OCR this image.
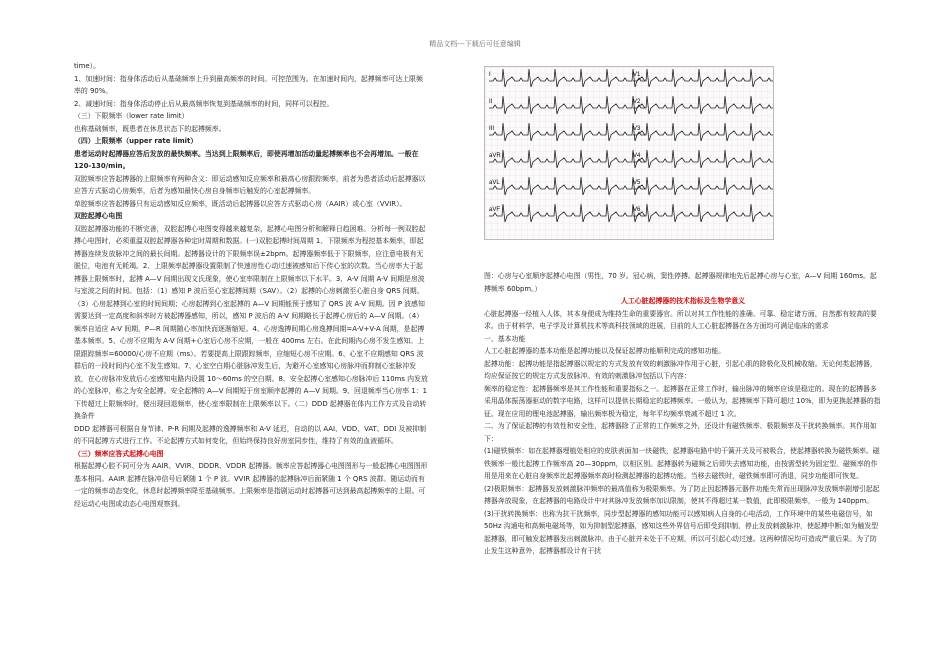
精品文档---下载后可任意编辑

time）。

1、加速时间：指身体活动后从基础频率上升到最高频率的时间。可控范围为。在加速时间内，起搏频率可达上限频率的 90%。

2、减速时间：指身体活动停止后从最高频率恢复到基础频率的时间，同样可以程控。

（三）下限频率（lower rate limit）

也称基础频率，既患者在休息状态下的起搏频率。

（四）上限频率（upper rate limit）

患者运动时起搏器应答后发放的最快频率。当达到上限频率后，即使再增加活动量起搏频率也不会再增加。一般在 120-130/min。

双腔频率应答起搏器的上限频率有两种含义：即运动感知反应频率和最高心房跟踪频率，前者为患者活动后起搏器以应答方式驱动心房频率，后者为感知最快心房自身频率后触发的心室起搏频率。

单腔频率应答起搏器只有运动感知反应频率，既活动后起搏器以应答方式驱动心房（AAIR）或心室（VVIR）。

双腔起搏心电图

双腔起搏器功能的不断完善，双腔起搏心电图变得越来越复杂，起搏心电图分析和解释日趋困难。分析每一例双腔起搏心电图时，必须重温双腔起搏器各种定时周期和数据。(一)双腔起搏时间周期 1、下限频率为程控基本频率，即起搏器连续发放脉冲之间的最长间期。起搏器设计的下限频率误±2bpm。起搏器频率低于下限频率，应注意电极有无脱位，电池有无耗竭。2、上限频率起搏器设置限制了快速房性心动过速被感知后下传心室的次数。当心房率大于起搏器上限频率时，起搏 A—V 间期出现文氏现象，使心室率限制在上限频率以下水平。3、A-V 间期 A-V 间期是房波与室波之间的时间。包括：（1）感知 P 波后至心室起搏间期（SAV）。（2）起搏的心房刺激至心脏自身 QRS 间期。（3）心房起搏到心室的时间间期；心房起搏到心室起搏的 A—V 间期能预于感知了 QRS 波 A-V 间期。因 P 波感知需要达到一定高度和斜率时方被起搏器感知，所以，感知 P 波后的 A-V 间期略长于起搏心房后的 A—V 间期。（4）频率自适应 A-V 间期，P—R 间期随心率加快而逐渐缩短。4、心房逸搏间期心房逸搏间期=A-V+V-A 间期，是起搏基本频率。5、心房不应期为 A-V 间期+心室后心房不应期，一般在 400ms 左右。在此间期内心房不发生感知。上限跟踪频率=60000/心房不应期（ms）。若要提高上限跟踪频率，应缩短心房不应期。6、心室不应期感知 QRS 波群后的一段时间内心室不发生感知。7、心室空白期心脏脉冲发生后，为避开心室感知心房脉冲而抑制心室脉冲发放，在心房脉冲发放后心室感知电路内设置 10～60ms 的空白期。8、安全起搏心室感知心房脉冲后 110ms 内发放的心室脉冲，称之为安全起搏。安全起搏的 A—V 间期短于房室顺序起搏的 A—V 间期。9、回退频率当心房率 1：1 下传超过上限频率时，便出现回退频率，使心室率限制在上限频率以下。（二）DDD 起搏器在体内工作方式及自动转换条件

DDD 起搏器可根据自身节律、P-R 间期及起搏的逸搏频率和 A-V 延迟，自动的以 AAI、VDD、VAT、DDI 及被抑制的不同起搏方式进行工作。不论起搏方式如何变化，但始终保持良好房室同步性，维持了有效的血液循环。

（三）频率应答式起搏心电图

根据起搏心腔不同可分为 AAIR、VVIR、DDDR、VDDR 起搏器。频率应答起搏器心电图图形与一般起搏心电图图形基本相同。AAIR 起搏在脉冲信号后紧随 1 个 P 波。VVIR 起搏器的起搏脉冲后面紧随 1 个 QRS 波群。随运动而有一定的频率动态变化，休息时起搏频率降至基础频率。上限频率是指剧运动时起搏器可达到最高起搏频率的上限。可经运动心电图或动态心电图观察到。

I
II
III
aVR
aVL
aVF
V1
V2
V3
V4
V5
V6

图：心房与心室顺序起搏心电图（男性，70 岁。冠心病，窦性停搏。起搏器规律地先后起搏心房与心室，A—V 间期 160ms。起搏频率 60bpm。）

人工心脏起搏器的技术指标及生物学意义

心脏起搏器一经植入人体，其本身便成为维持生命的重要器官。所以对其工作性能的准确、可靠、稳定诸方面，自然都有较高的要求。由于材料学，电子学及计算机技术等高科技领域的进展，目前的人工心脏起搏器在各方面均可满足临床的需求

一、基本功能

人工心脏起搏器的基本功能是起搏功能以及保证起搏功能顺利完成的感知功能。

起搏功能：起搏功能是指起搏器以规定的方式发放有效的刺激脉冲作用于心脏，引起心肌的除极化及机械收缩。无论何类起搏器，均应保证按它的规定方式发放脉冲。有效的刺激脉冲包括以下内容：

频率的稳定性：起搏器频率是其工作性能和重要指标之一。起搏器在正常工作时，输出脉冲的频率应该是稳定的。现在的起搏器多采用晶体振荡器驱动的数字电路，这样可以提供长期稳定的起搏频率。一般认为，起搏频率下降可超过 10%，即为更换起搏器的指征。现在应用的锂电池起搏器，输出频率极为稳定，每年平均频率衰减不超过 1 次。

二、为了保证起搏的有效性和安全性，起搏器除了正常的工作频率之外，还设计有磁铁频率、极限频率及干扰转换频率。其作用如下：

(1)磁铁频率：如在起搏器埋植处相应的皮肤表面加一块磁铁，起搏器电路中的干簧开关及可被吸合，使起搏器转换为磁铁频率。磁铁频率一般比起搏工作频率高 20—30ppm，以相区别。起搏器转为磁频之后即失去感知功能，由按需型转为固定型。磁频率的作用是用来在心脏自身频率比起搏器频率高时检测起搏器的起搏功能。当移去磁铁时，磁铁频率即可消退，同步功能即可恢复。

(2)极限频率：起搏器发放刺激脉冲频率的最高值称为极限频率。为了防止因起搏器元器件功能失常而出现脉冲发放频率剧增引起起搏器奔放现象，在起搏器的电路设计中对其脉冲发放频率加以限制，使其不得超过某一数值，此即极限频率，一般为 140ppm。

(3)干扰转换频率：也称为抗干扰频率，同步型起搏器的感知功能可以感知病人自身的心电活动，工作环境中的某些电磁信号，如 50Hz 沟通电和高频电磁场等，如为抑制型起搏器，感知这些外界信号后即受到抑制，停止发放刺激脉冲，使起搏中断;如为触发型起搏器，即可触发起搏器发出刺激脉冲。由于心脏并未处于不应期，所以可引起心动过速。这两种情况均可造成严重后果。为了防止发生这种意外，起搏器都设计有干扰
